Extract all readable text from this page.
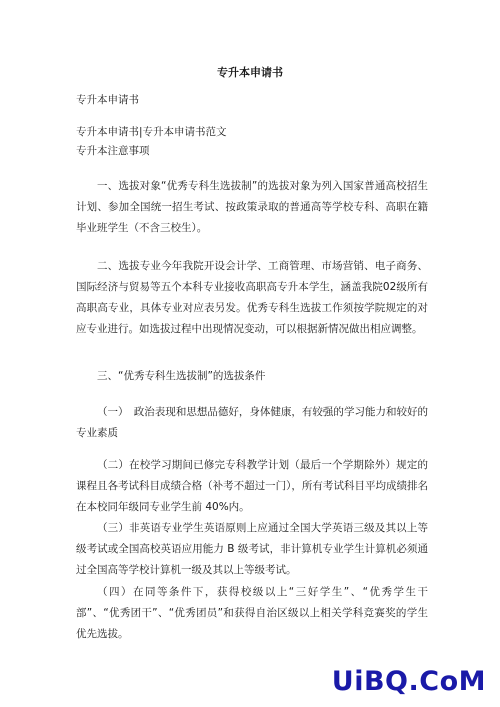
专升本申请书
专升本申请书
专升本申请书|专升本申请书范文
专升本注意事项

一、选拔对象“优秀专科生选拔制”的选拔对象为列入国家普通高校招生计划、参加全国统一招生考试、按政策录取的普通高等学校专科、高职在籍毕业班学生（不含三校生）。

二、选拔专业今年我院开设会计学、工商管理、市场营销、电子商务、国际经济与贸易等五个本科专业接收高职高专升本学生，涵盖我院02级所有高职高专业，具体专业对应表另发。优秀专科生选拔工作须按学院规定的对应专业进行。如选拔过程中出现情况变动，可以根据新情况做出相应调整。

三、“优秀专科生选拔制”的选拔条件

（一）　政治表现和思想品德好，身体健康，有较强的学习能力和较好的专业素质

（二）在校学习期间已修完专科教学计划（最后一个学期除外）规定的课程且各考试科目成绩合格（补考不超过一门），所有考试科目平均成绩排名在本校同年级同专业学生前 40%内。

（三）非英语专业学生英语原则上应通过全国大学英语三级及其以上等级考试或全国高校英语应用能力 B 级考试，非计算机专业学生计算机必须通过全国高等学校计算机一级及其以上等级考试。

（四）在同等条件下，获得校级以上“三好学生”、“优秀学生干部”、“优秀团干”、“优秀团员”和获得自治区级以上相关学科竞赛奖的学生优先选拔。

UiBQ.CoM
